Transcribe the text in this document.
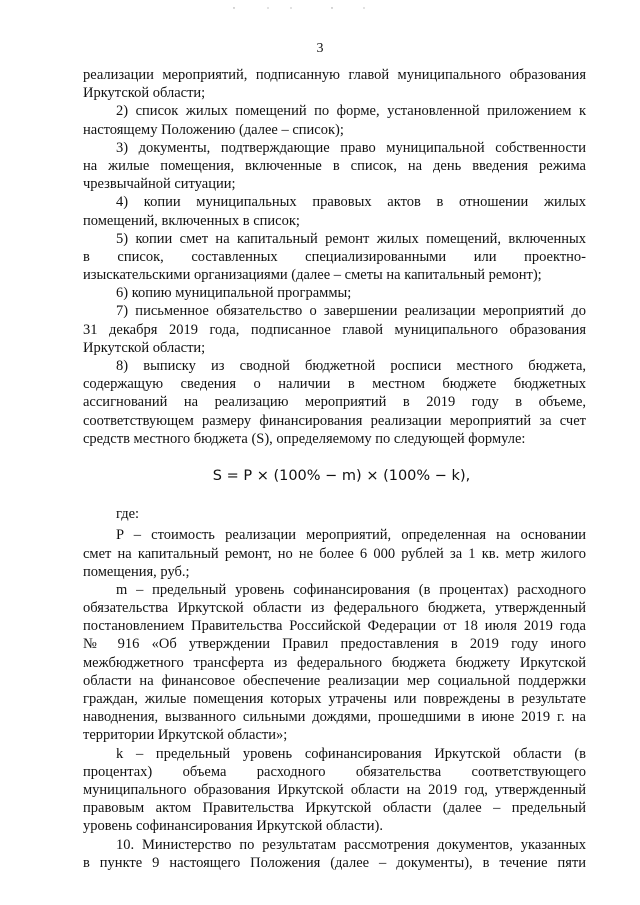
3
реализации мероприятий, подписанную главой муниципального образования
Иркутской области;
2) список жилых помещений по форме, установленной приложением к
настоящему Положению (далее – список);
3) документы, подтверждающие право муниципальной собственности
на жилые помещения, включенные в список, на день введения режима
чрезвычайной ситуации;
4) копии муниципальных правовых актов в отношении жилых
помещений, включенных в список;
5) копии смет на капитальный ремонт жилых помещений, включенных
в список, составленных специализированными или проектно-
изыскательскими организациями (далее – сметы на капитальный ремонт);
6) копию муниципальной программы;
7) письменное обязательство о завершении реализации мероприятий до
31 декабря 2019 года, подписанное главой муниципального образования
Иркутской области;
8) выписку из сводной бюджетной росписи местного бюджета,
содержащую сведения о наличии в местном бюджете бюджетных
ассигнований на реализацию мероприятий в 2019 году в объеме,
соответствующем размеру финансирования реализации мероприятий за счет
средств местного бюджета (S), определяемому по следующей формуле:
S = P × (100% − m) × (100% − k),
где:
P – стоимость реализации мероприятий, определенная на основании
смет на капитальный ремонт, но не более 6 000 рублей за 1 кв. метр жилого
помещения, руб.;
m – предельный уровень софинансирования (в процентах) расходного
обязательства Иркутской области из федерального бюджета, утвержденный
постановлением Правительства Российской Федерации от 18 июля 2019 года
№ 916 «Об утверждении Правил предоставления в 2019 году иного
межбюджетного трансферта из федерального бюджета бюджету Иркутской
области на финансовое обеспечение реализации мер социальной поддержки
граждан, жилые помещения которых утрачены или повреждены в результате
наводнения, вызванного сильными дождями, прошедшими в июне 2019 г. на
территории Иркутской области»;
k – предельный уровень софинансирования Иркутской области (в
процентах) объема расходного обязательства соответствующего
муниципального образования Иркутской области на 2019 год, утвержденный
правовым актом Правительства Иркутской области (далее – предельный
уровень софинансирования Иркутской области).
10. Министерство по результатам рассмотрения документов, указанных
в пункте 9 настоящего Положения (далее – документы), в течение пяти
